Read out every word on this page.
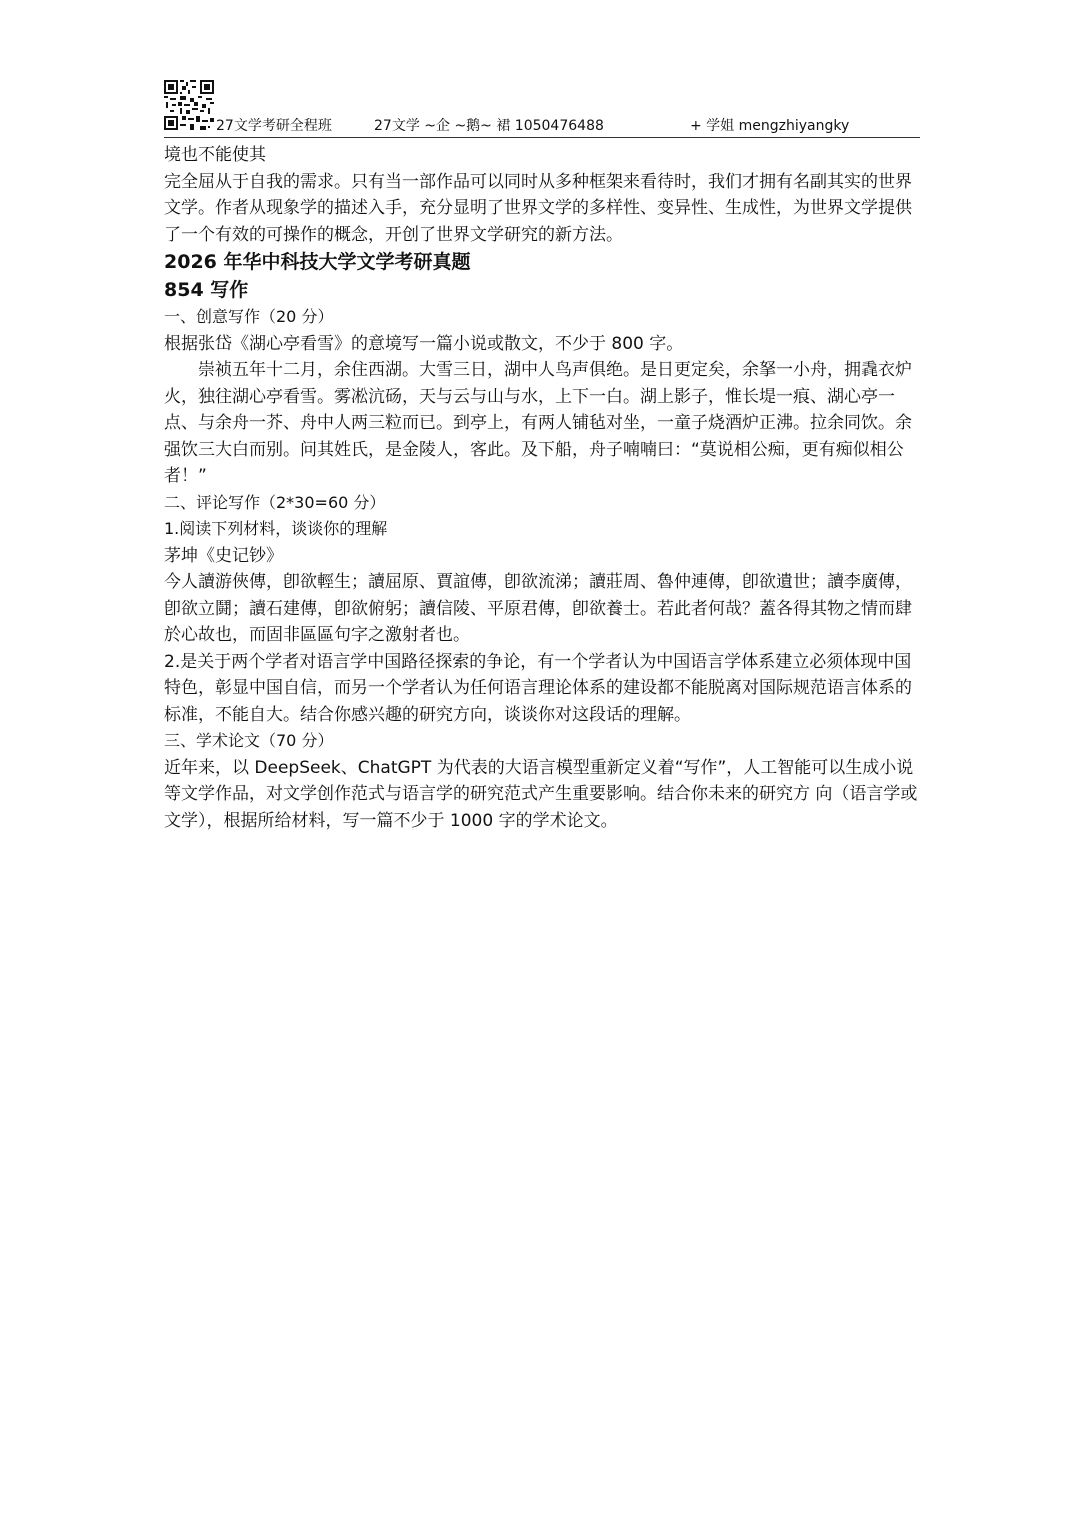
27文学考研全程班	27文学 ~企 ~鹅~ 裙 1050476488	+ 学姐 mengzhiyangky

境也不能使其

完全屈从于自我的需求。只有当一部作品可以同时从多种框架来看待时，我们才拥有名副其实的世界文学。作者从现象学的描述入手，充分显明了世界文学的多样性、变异性、生成性，为世界文学提供了一个有效的可操作的概念，开创了世界文学研究的新方法。

2026 年华中科技大学文学考研真题

854 写作

一、创意写作（20 分）

根据张岱《湖心亭看雪》的意境写一篇小说或散文，不少于 800 字。

崇祯五年十二月，余住西湖。大雪三日，湖中人鸟声俱绝。是日更定矣，余拏一小舟，拥毳衣炉火，独往湖心亭看雪。雾凇沆砀，天与云与山与水，上下一白。湖上影子，惟长堤一痕、湖心亭一点、与余舟一芥、舟中人两三粒而已。到亭上，有两人铺毡对坐，一童子烧酒炉正沸。拉余同饮。余强饮三大白而别。问其姓氏，是金陵人，客此。及下船，舟子喃喃曰：“莫说相公痴，更有痴似相公者！”

二、评论写作（2*30=60 分）

1.阅读下列材料，谈谈你的理解

茅坤《史记钞》

今人讀游俠傳，卽欲輕生；讀屈原、賈誼傳，卽欲流涕；讀莊周、魯仲連傳，卽欲遺世；讀李廣傳，卽欲立鬪；讀石建傳，卽欲俯躬；讀信陵、平原君傳，卽欲養士。若此者何哉？蓋各得其物之情而肆於心故也，而固非區區句字之激射者也。

2.是关于两个学者对语言学中国路径探索的争论，有一个学者认为中国语言学体系建立必须体现中国特色，彰显中国自信，而另一个学者认为任何语言理论体系的建设都不能脱离对国际规范语言体系的标准，不能自大。结合你感兴趣的研究方向，谈谈你对这段话的理解。

三、学术论文（70 分）

近年来，以 DeepSeek、ChatGPT 为代表的大语言模型重新定义着“写作”，人工智能可以生成小说等文学作品，对文学创作范式与语言学的研究范式产生重要影响。结合你未来的研究方 向（语言学或文学），根据所给材料，写一篇不少于 1000 字的学术论文。
